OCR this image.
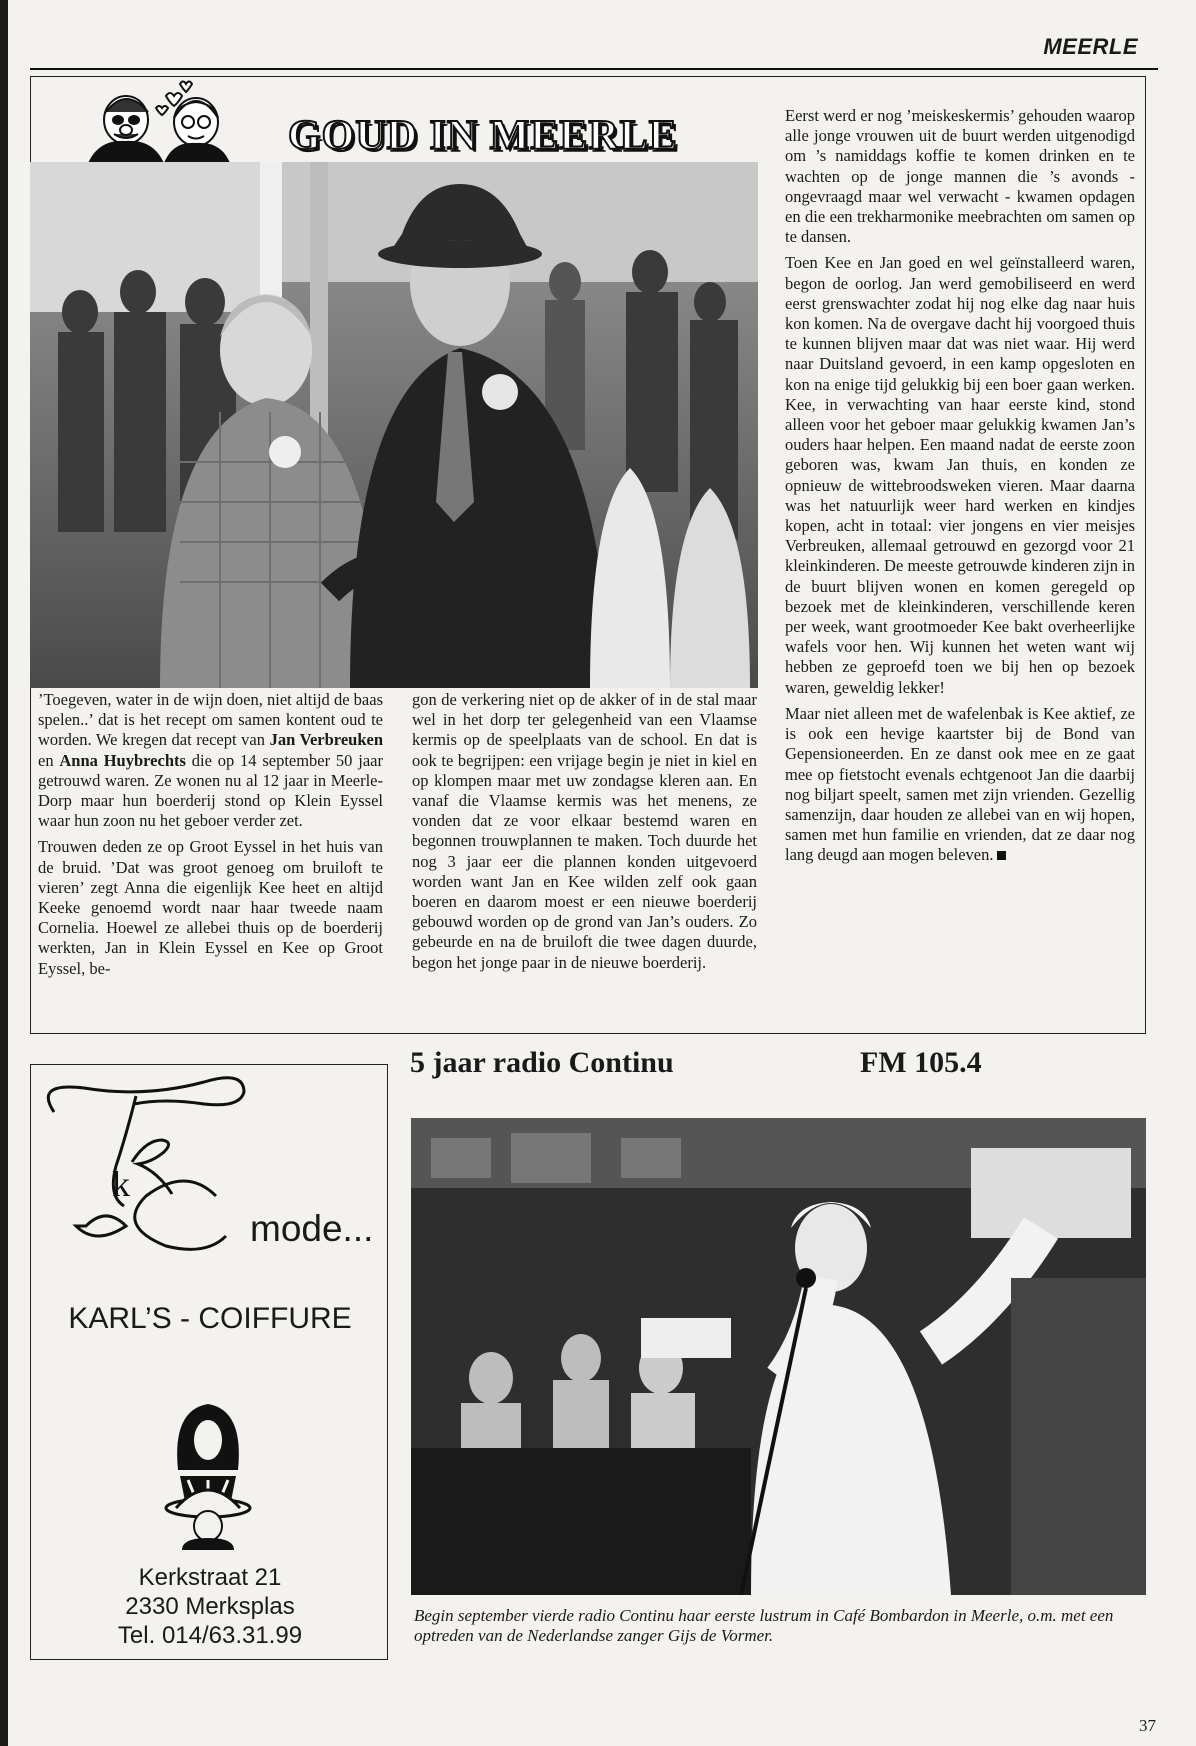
MEERLE
GOUD IN MEERLE

’Toegeven, water in de wijn doen, niet altijd de baas spelen..’ dat is het recept om samen kontent oud te worden. We kregen dat recept van Jan Verbreuken en Anna Huybrechts die op 14 september 50 jaar getrouwd waren. Ze wonen nu al 12 jaar in Meerle-Dorp maar hun boerderij stond op Klein Eyssel waar hun zoon nu het geboer verder zet.

Trouwen deden ze op Groot Eyssel in het huis van de bruid. ’Dat was groot genoeg om bruiloft te vieren’ zegt Anna die eigenlijk Kee heet en altijd Keeke genoemd wordt naar haar tweede naam Cornelia. Hoewel ze allebei thuis op de boerderij werkten, Jan in Klein Eyssel en Kee op Groot Eyssel, be-

gon de verkering niet op de akker of in de stal maar wel in het dorp ter gelegenheid van een Vlaamse kermis op de speelplaats van de school. En dat is ook te begrijpen: een vrijage begin je niet in kiel en op klompen maar met uw zondagse kleren aan. En vanaf die Vlaamse kermis was het menens, ze vonden dat ze voor elkaar bestemd waren en begonnen trouwplannen te maken. Toch duurde het nog 3 jaar eer die plannen konden uitgevoerd worden want Jan en Kee wilden zelf ook gaan boeren en daarom moest er een nieuwe boerderij gebouwd worden op de grond van Jan’s ouders. Zo gebeurde en na de bruiloft die twee dagen duurde, begon het jonge paar in de nieuwe boerderij.

Eerst werd er nog ’meiskeskermis’ gehouden waarop alle jonge vrouwen uit de buurt werden uitgenodigd om ’s namiddags koffie te komen drinken en te wachten op de jonge mannen die ’s avonds - ongevraagd maar wel verwacht - kwamen opdagen en die een trekharmonike meebrachten om samen op te dansen.

Toen Kee en Jan goed en wel geïnstalleerd waren, begon de oorlog. Jan werd gemobiliseerd en werd eerst grenswachter zodat hij nog elke dag naar huis kon komen. Na de overgave dacht hij voorgoed thuis te kunnen blijven maar dat was niet waar. Hij werd naar Duitsland gevoerd, in een kamp opgesloten en kon na enige tijd gelukkig bij een boer gaan werken. Kee, in verwachting van haar eerste kind, stond alleen voor het geboer maar gelukkig kwamen Jan’s ouders haar helpen. Een maand nadat de eerste zoon geboren was, kwam Jan thuis, en konden ze opnieuw de wittebroodsweken vieren. Maar daarna was het natuurlijk weer hard werken en kindjes kopen, acht in totaal: vier jongens en vier meisjes Verbreuken, allemaal getrouwd en gezorgd voor 21 kleinkinderen. De meeste getrouwde kinderen zijn in de buurt blijven wonen en komen geregeld op bezoek met de kleinkinderen, verschillende keren per week, want grootmoeder Kee bakt overheerlijke wafels voor hen. Wij kunnen het weten want wij hebben ze geproefd toen we bij hen op bezoek waren, geweldig lekker!

Maar niet alleen met de wafelenbak is Kee aktief, ze is ook een hevige kaartster bij de Bond van Gepensioneerden. En ze danst ook mee en ze gaat mee op fietstocht evenals echtgenoot Jan die daarbij nog biljart speelt, samen met zijn vrienden. Gezellig samenzijn, daar houden ze allebei van en wij hopen, samen met hun familie en vrienden, dat ze daar nog lang deugd aan mogen beleven.

k
mode...
KARL’S - COIFFURE
Kerkstraat 21
2330 Merksplas
Tel. 014/63.31.99
5 jaar radio Continu	FM 105.4
Begin september vierde radio Continu haar eerste lustrum in Café Bombardon in Meerle, o.m. met een optreden van de Nederlandse zanger Gijs de Vormer.
37
